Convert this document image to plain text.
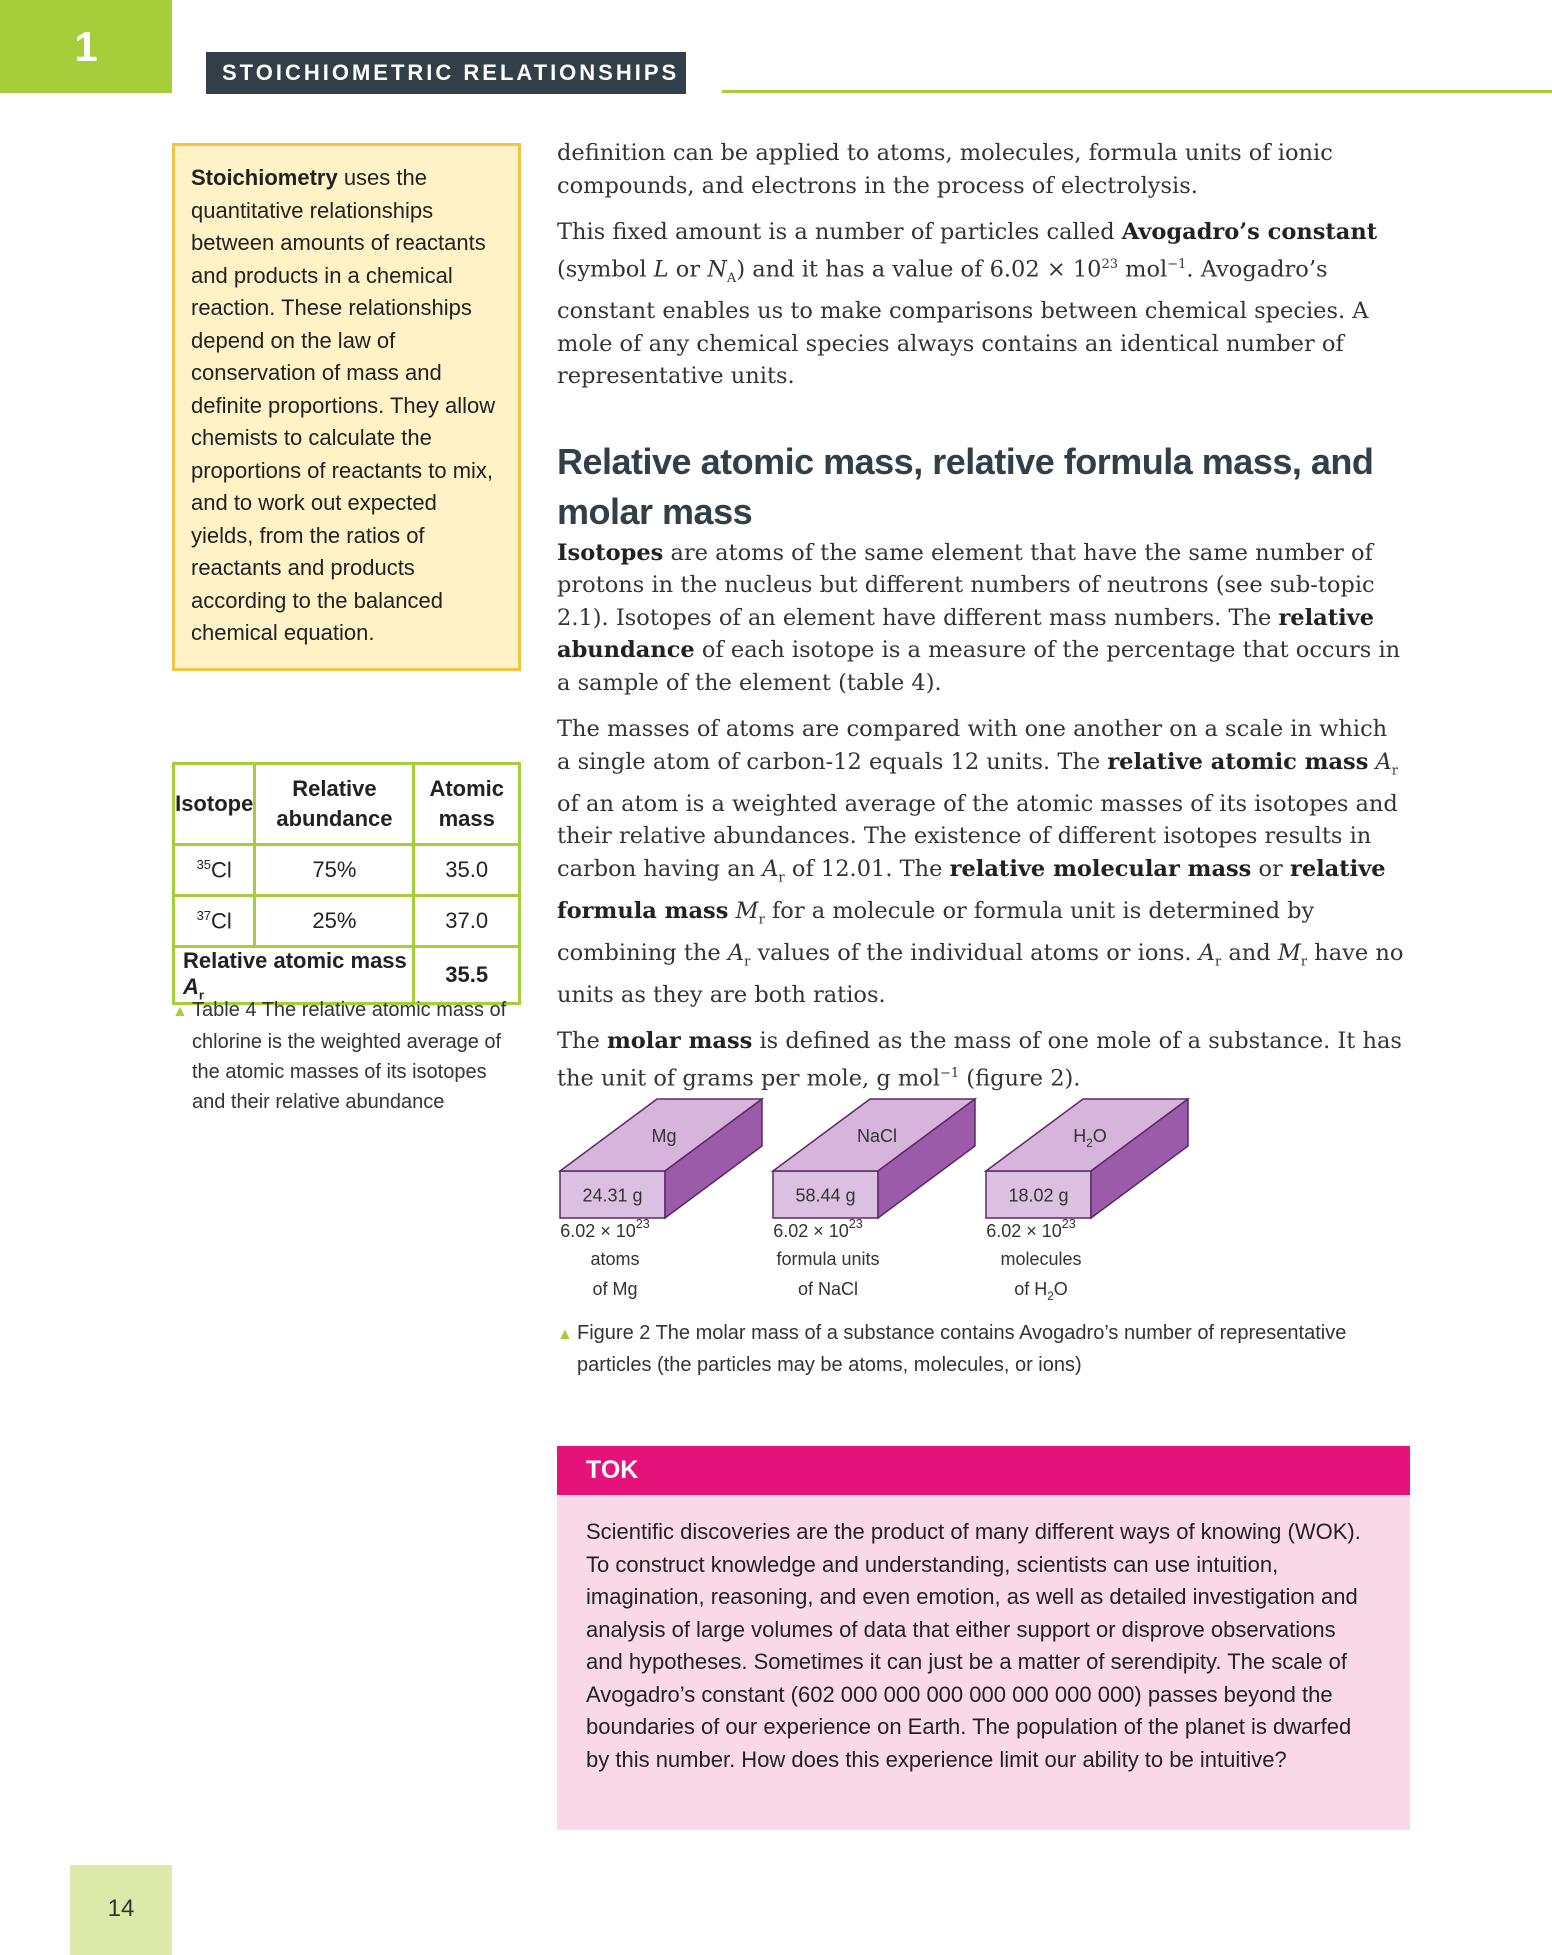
1
STOICHIOMETRIC RELATIONSHIPS
Stoichiometry uses the quantitative relationships between amounts of reactants and products in a chemical reaction. These relationships depend on the law of conservation of mass and definite proportions. They allow chemists to calculate the proportions of reactants to mix, and to work out expected yields, from the ratios of reactants and products according to the balanced chemical equation.
Isotope	Relative abundance	Atomic mass
$^{35}$Cl	75%	35.0
$^{37}$Cl	25%	37.0
Relative atomic mass $A_r$		35.5
▲ Table 4 The relative atomic mass of chlorine is the weighted average of the atomic masses of its isotopes and their relative abundance

definition can be applied to atoms, molecules, formula units of ionic compounds, and electrons in the process of electrolysis.

This fixed amount is a number of particles called Avogadro’s constant (symbol L or $N_A$) and it has a value of $6.02 \times 10^{23}$ mol$^{-1}$. Avogadro’s constant enables us to make comparisons between chemical species. A mole of any chemical species always contains an identical number of representative units.

Relative atomic mass, relative formula mass, and molar mass

Isotopes are atoms of the same element that have the same number of protons in the nucleus but different numbers of neutrons (see sub-topic 2.1). Isotopes of an element have different mass numbers. The relative abundance of each isotope is a measure of the percentage that occurs in a sample of the element (table 4).

The masses of atoms are compared with one another on a scale in which a single atom of carbon-12 equals 12 units. The relative atomic mass $A_r$ of an atom is a weighted average of the atomic masses of its isotopes and their relative abundances. The existence of different isotopes results in carbon having an $A_r$ of 12.01. The relative molecular mass or relative formula mass $M_r$ for a molecule or formula unit is determined by combining the $A_r$ values of the individual atoms or ions. $A_r$ and $M_r$ have no units as they are both ratios.

The molar mass is defined as the mass of one mole of a substance. It has the unit of grams per mole, g mol$^{-1}$ (figure 2).

Mg
24.31 g
$6.02 \times 10^{23}$
atoms
of Mg
NaCl
58.44 g
$6.02 \times 10^{23}$
formula units
of NaCl
$H_2O$
18.02 g
$6.02 \times 10^{23}$
molecules
of $H_2O$
▲ Figure 2 The molar mass of a substance contains Avogadro’s number of representative particles (the particles may be atoms, molecules, or ions)
TOK
Scientific discoveries are the product of many different ways of knowing (WOK). To construct knowledge and understanding, scientists can use intuition, imagination, reasoning, and even emotion, as well as detailed investigation and analysis of large volumes of data that either support or disprove observations and hypotheses. Sometimes it can just be a matter of serendipity. The scale of Avogadro’s constant (602 000 000 000 000 000 000 000) passes beyond the boundaries of our experience on Earth. The population of the planet is dwarfed by this number. How does this experience limit our ability to be intuitive?
14
